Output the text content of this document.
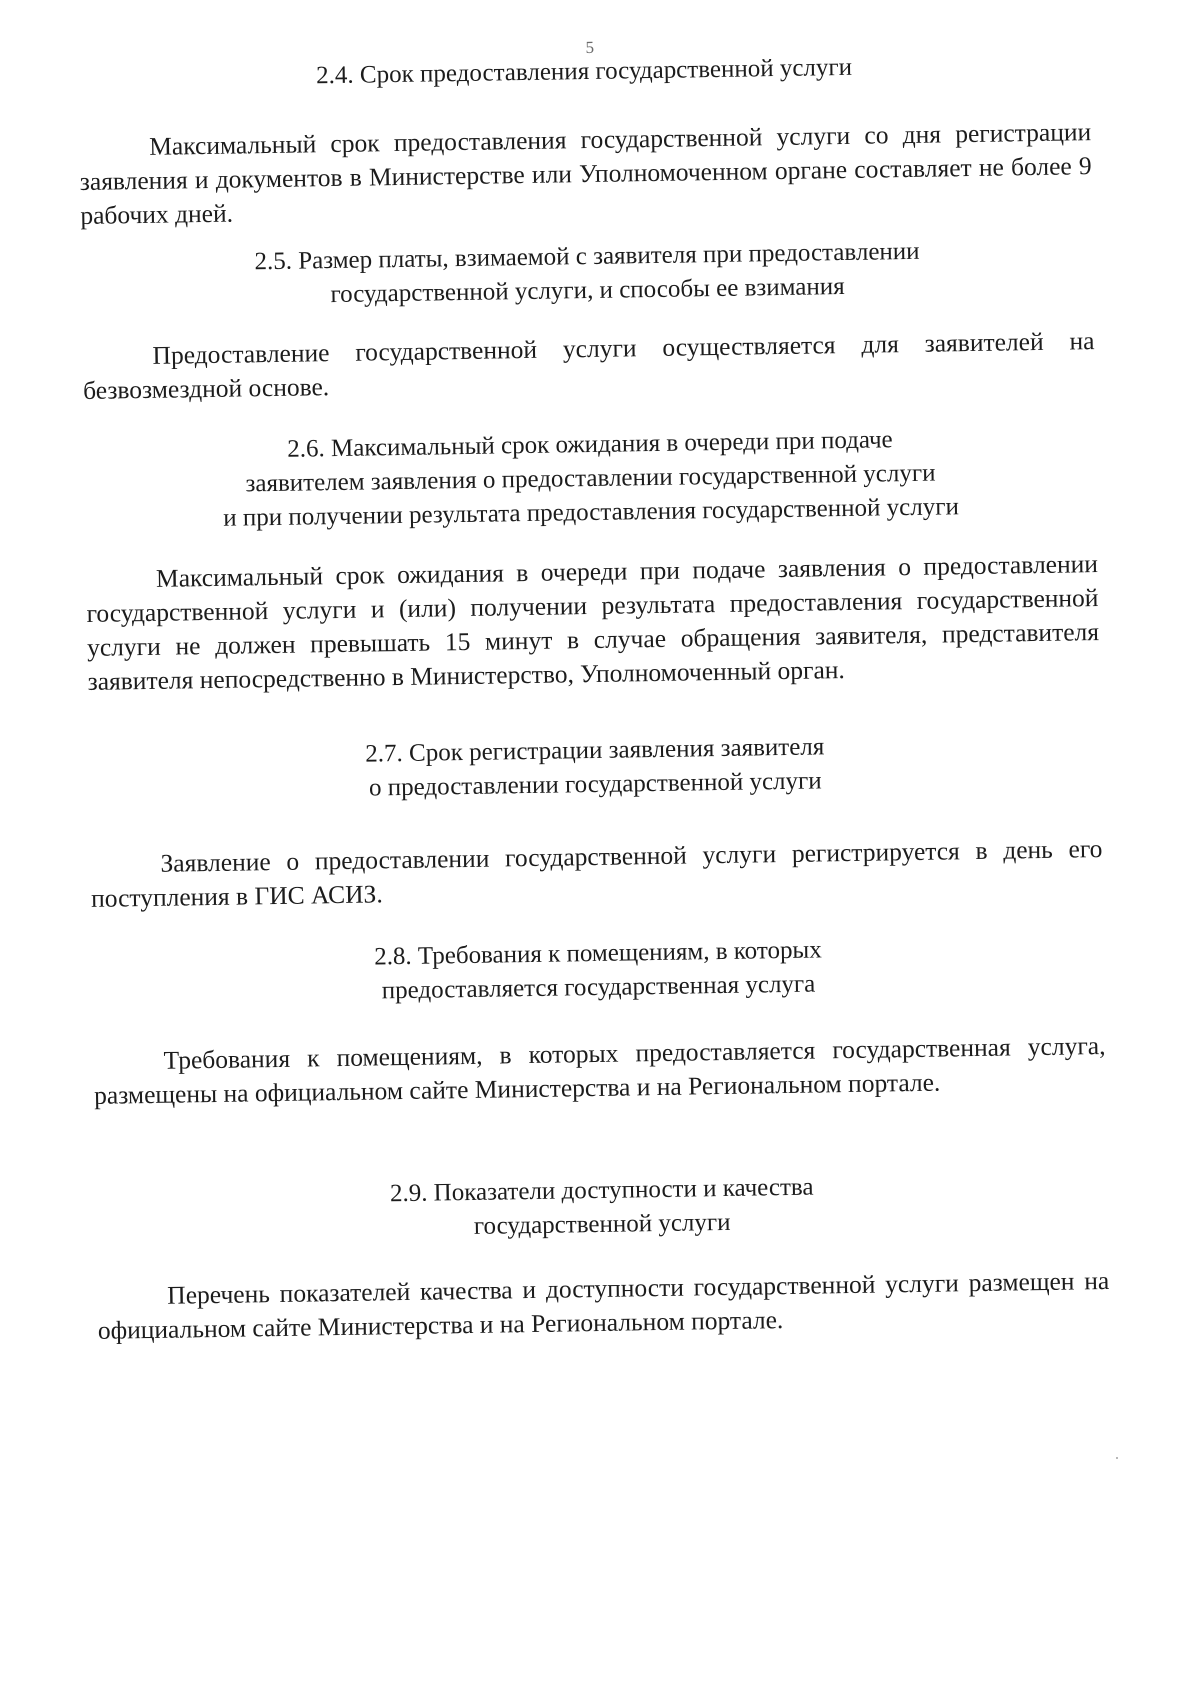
5
2.4. Срок предоставления государственной услуги

Максимальный срок предоставления государственной услуги со дня регистрации заявления и документов в Министерстве или Уполномоченном органе составляет не более 9 рабочих дней.

2.5. Размер платы, взимаемой с заявителя при предоставлении
государственной услуги, и способы ее взимания

Предоставление государственной услуги осуществляется для заявителей на безвозмездной основе.

2.6. Максимальный срок ожидания в очереди при подаче
заявителем заявления о предоставлении государственной услуги
и при получении результата предоставления государственной услуги

Максимальный срок ожидания в очереди при подаче заявления о предоставлении государственной услуги и (или) получении результата предоставления государственной услуги не должен превышать 15 минут в случае обращения заявителя, представителя заявителя непосредственно в Министерство, Уполномоченный орган.

2.7. Срок регистрации заявления заявителя
о предоставлении государственной услуги

Заявление о предоставлении государственной услуги регистрируется в день его поступления в ГИС АСИЗ.

2.8. Требования к помещениям, в которых
предоставляется государственная услуга

Требования к помещениям, в которых предоставляется государственная услуга, размещены на официальном сайте Министерства и на Региональном портале.

2.9. Показатели доступности и качества
государственной услуги

Перечень показателей качества и доступности государственной услуги размещен на официальном сайте Министерства и на Региональном портале.
